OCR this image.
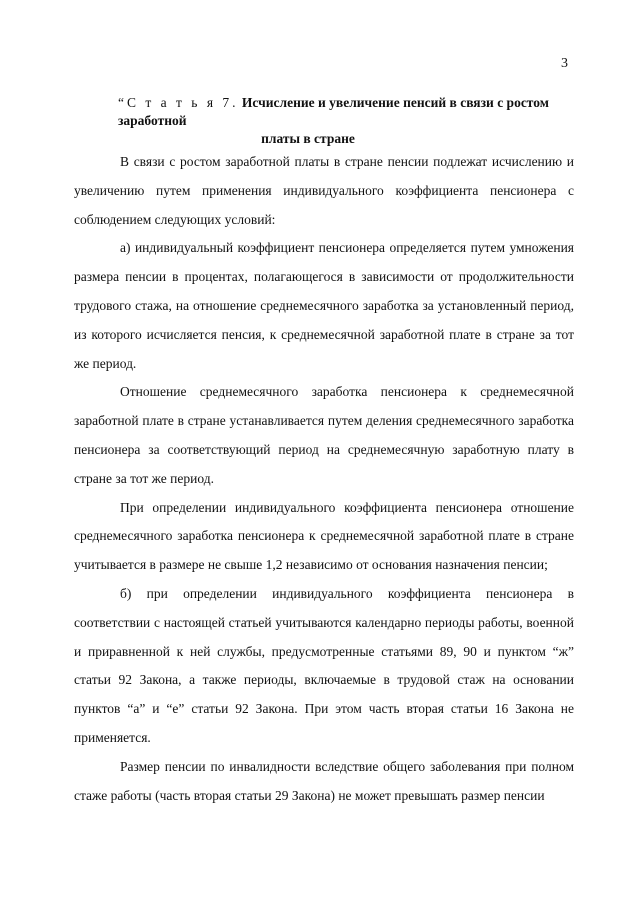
3
“С т а т ь я 7. Исчисление и увеличение пенсий в связи с ростом заработной
платы в стране

В связи с ростом заработной платы в стране пенсии подлежат исчислению и увеличению путем применения индивидуального коэффициента пенсионера с соблюдением следующих условий:

а) индивидуальный коэффициент пенсионера определяется путем умножения размера пенсии в процентах, полагающегося в зависимости от продолжительности трудового стажа, на отношение среднемесячного заработка за установленный период, из которого исчисляется пенсия, к среднемесячной заработной плате в стране за тот же период.

Отношение среднемесячного заработка пенсионера к среднемесячной заработной плате в стране устанавливается путем деления среднемесячного заработка пенсионера за соответствующий период на среднемесячную заработную плату в стране за тот же период.

При определении индивидуального коэффициента пенсионера отношение среднемесячного заработка пенсионера к среднемесячной заработной плате в стране учитывается в размере не свыше 1,2 независимо от основания назначения пенсии;

б) при определении индивидуального коэффициента пенсионера в соответствии с настоящей статьей учитываются календарно периоды работы, военной и приравненной к ней службы, предусмотренные статьями 89, 90 и пунктом “ж” статьи 92 Закона, а также периоды, включаемые в трудовой стаж на основании пунктов “а” и “е” статьи 92 Закона. При этом часть вторая статьи 16 Закона не применяется.

Размер пенсии по инвалидности вследствие общего заболевания при полном стаже работы (часть вторая статьи 29 Закона) не может превышать размер пенсии
